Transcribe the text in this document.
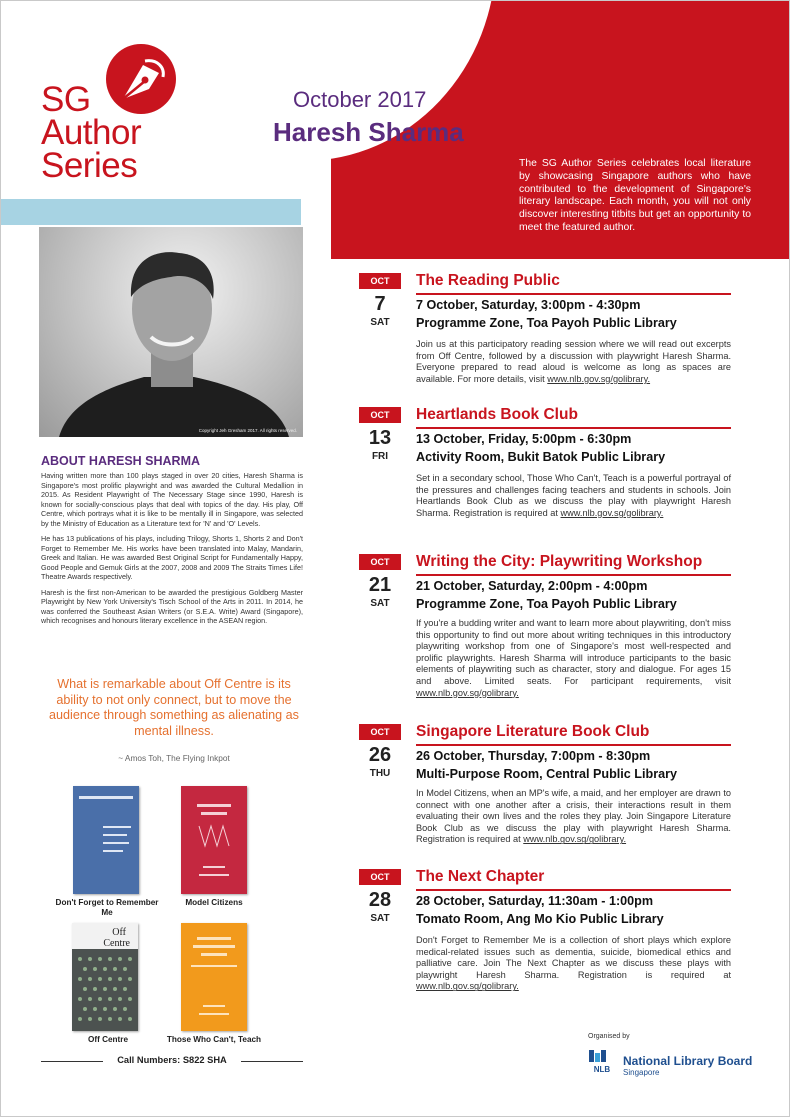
SG
Author
Series
October 2017
Haresh Sharma
The SG Author Series celebrates local literature by showcasing Singapore authors who have contributed to the development of Singapore's literary landscape. Each month, you will not only discover interesting titbits but get an opportunity to meet the featured author.
Copyright Jeh Gresham 2017. All rights reserved.
ABOUT HARESH SHARMA

Having written more than 100 plays staged in over 20 cities, Haresh Sharma is Singapore's most prolific playwright and was awarded the Cultural Medallion in 2015. As Resident Playwright of The Necessary Stage since 1990, Haresh is known for socially-conscious plays that deal with topics of the day. His play, Off Centre, which portrays what it is like to be mentally ill in Singapore, was selected by the Ministry of Education as a Literature text for 'N' and 'O' Levels.

He has 13 publications of his plays, including Trilogy, Shorts 1, Shorts 2 and Don't Forget to Remember Me. His works have been translated into Malay, Mandarin, Greek and Italian. He was awarded Best Original Script for Fundamentally Happy, Good People and Gemuk Girls at the 2007, 2008 and 2009 The Straits Times Life! Theatre Awards respectively.

Haresh is the first non-American to be awarded the prestigious Goldberg Master Playwright by New York University's Tisch School of the Arts in 2011. In 2014, he was conferred the Southeast Asian Writers (or S.E.A. Write) Award (Singapore), which recognises and honours literary excellence in the ASEAN region.

What is remarkable about Off Centre is its ability to not only connect, but to move the audience through something as alienating as mental illness.
~ Amos Toh, The Flying Inkpot
Off
Centre
Don't Forget to Remember Me
Model Citizens
Off Centre	Those Who Can't, Teach
Call Numbers: S822 SHA
OCT
7
SAT
The Reading Public
7 October, Saturday, 3:00pm - 4:30pm
Programme Zone, Toa Payoh Public Library
Join us at this participatory reading session where we will read out excerpts from Off Centre, followed by a discussion with playwright Haresh Sharma. Everyone prepared to read aloud is welcome as long as spaces are available. For more details, visit www.nlb.gov.sg/golibrary.
OCT
13
FRI
Heartlands Book Club
13 October, Friday, 5:00pm - 6:30pm
Activity Room, Bukit Batok Public Library
Set in a secondary school, Those Who Can't, Teach is a powerful portrayal of the pressures and challenges facing teachers and students in schools. Join Heartlands Book Club as we discuss the play with playwright Haresh Sharma. Registration is required at www.nlb.gov.sg/golibrary.
OCT
21
SAT
Writing the City: Playwriting Workshop
21 October, Saturday, 2:00pm - 4:00pm
Programme Zone, Toa Payoh Public Library
If you're a budding writer and want to learn more about playwriting, don't miss this opportunity to find out more about writing techniques in this introductory playwriting workshop from one of Singapore's most well-respected and prolific playwrights. Haresh Sharma will introduce participants to the basic elements of playwriting such as character, story and dialogue. For ages 15 and above. Limited seats. For participant requirements, visit www.nlb.gov.sg/golibrary.
OCT
26
THU
Singapore Literature Book Club
26 October, Thursday, 7:00pm - 8:30pm
Multi-Purpose Room, Central Public Library
In Model Citizens, when an MP's wife, a maid, and her employer are drawn to connect with one another after a crisis, their interactions result in them evaluating their own lives and the roles they play. Join Singapore Literature Book Club as we discuss the play with playwright Haresh Sharma. Registration is required at www.nlb.gov.sg/golibrary.
OCT
28
SAT
The Next Chapter
28 October, Saturday, 11:30am - 1:00pm
Tomato Room, Ang Mo Kio Public Library
Don't Forget to Remember Me is a collection of short plays which explore medical-related issues such as dementia, suicide, biomedical ethics and palliative care. Join The Next Chapter as we discuss these plays with playwright Haresh Sharma. Registration is required at www.nlb.gov.sg/golibrary.
Organised by
NLB
National Library Board
Singapore
